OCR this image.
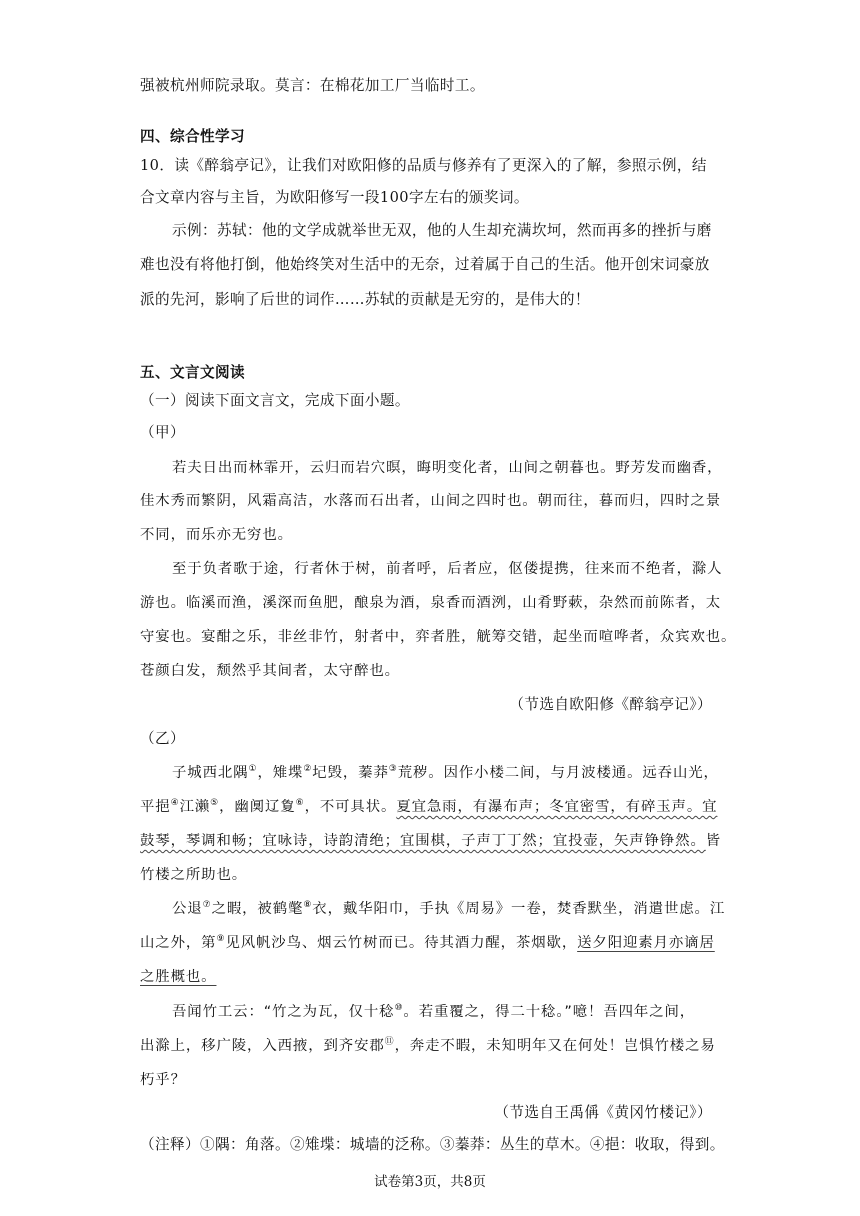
强被杭州师院录取。莫言：在棉花加工厂当临时工。
四、综合性学习
10．读《醉翁亭记》，让我们对欧阳修的品质与修养有了更深入的了解，参照示例，结
合文章内容与主旨，为欧阳修写一段100字左右的颁奖词。
示例：苏轼：他的文学成就举世无双，他的人生却充满坎坷，然而再多的挫折与磨
难也没有将他打倒，他始终笑对生活中的无奈，过着属于自己的生活。他开创宋词豪放
派的先河，影响了后世的词作……苏轼的贡献是无穷的，是伟大的！
五、文言文阅读
（一）阅读下面文言文，完成下面小题。
（甲）
若夫日出而林霏开，云归而岩穴暝，晦明变化者，山间之朝暮也。野芳发而幽香，
佳木秀而繁阴，风霜高洁，水落而石出者，山间之四时也。朝而往，暮而归，四时之景
不同，而乐亦无穷也。
至于负者歌于途，行者休于树，前者呼，后者应，伛偻提携，往来而不绝者，滁人
游也。临溪而渔，溪深而鱼肥，酿泉为酒，泉香而酒洌，山肴野蔌，杂然而前陈者，太
守宴也。宴酣之乐，非丝非竹，射者中，弈者胜，觥筹交错，起坐而喧哗者，众宾欢也。
苍颜白发，颓然乎其间者，太守醉也。
（节选自欧阳修《醉翁亭记》）
（乙）
子城西北隅①，雉堞②圮毁，蓁莽③荒秽。因作小楼二间，与月波楼通。远吞山光，
平挹④江濑⑤，幽阒辽夐⑥，不可具状。夏宜急雨，有瀑布声；冬宜密雪，有碎玉声。宜
鼓琴，琴调和畅；宜咏诗，诗韵清绝；宜围棋，子声丁丁然；宜投壶，矢声铮铮然。皆
竹楼之所助也。
公退⑦之暇，被鹤氅⑧衣，戴华阳巾，手执《周易》一卷，焚香默坐，消遣世虑。江
山之外，第⑨见风帆沙鸟、烟云竹树而已。待其酒力醒，茶烟歇，送夕阳迎素月亦谪居
之胜概也。
吾闻竹工云：“竹之为瓦，仅十稔⑩。若重覆之，得二十稔。”噫！吾四年之间，
出滁上，移广陵，入西掖，到齐安郡⑪，奔走不暇，未知明年又在何处！岂惧竹楼之易
朽乎？
（节选自王禹偁《黄冈竹楼记》）
（注释）①隅：角落。②雉堞：城墙的泛称。③蓁莽：丛生的草木。④挹：收取，得到。
试卷第3页，共8页
